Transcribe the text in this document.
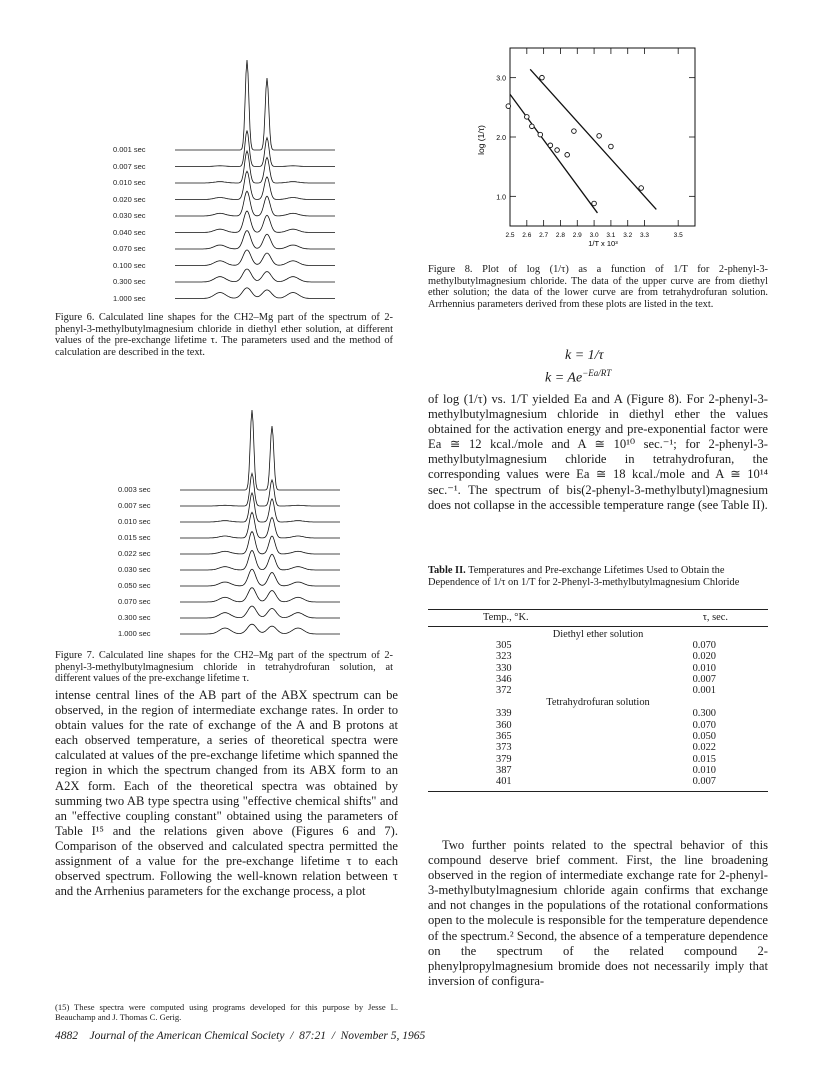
0.001 sec
0.007 sec
0.010 sec
0.020 sec
0.030 sec
0.040 sec
0.070 sec
0.100 sec
0.300 sec
1.000 sec
Figure 6. Calculated line shapes for the CH2–Mg part of the spectrum of 2-phenyl-3-methylbutylmagnesium chloride in diethyl ether solution, at different values of the pre-exchange lifetime τ. The parameters used and the method of calculation are described in the text.
0.003 sec
0.007 sec
0.010 sec
0.015 sec
0.022 sec
0.030 sec
0.050 sec
0.070 sec
0.300 sec
1.000 sec
Figure 7. Calculated line shapes for the CH2–Mg part of the spectrum of 2-phenyl-3-methylbutylmagnesium chloride in tetrahydrofuran solution, at different values of the pre-exchange lifetime τ.
intense central lines of the AB part of the ABX spectrum can be observed, in the region of intermediate exchange rates. In order to obtain values for the rate of exchange of the A and B protons at each observed temperature, a series of theoretical spectra were calculated at values of the pre-exchange lifetime which spanned the region in which the spectrum changed from its ABX form to an A2X form. Each of the theoretical spectra was obtained by summing two AB type spectra using "effective chemical shifts" and an "effective coupling constant" obtained using the parameters of Table I¹⁵ and the relations given above (Figures 6 and 7). Comparison of the observed and calculated spectra permitted the assignment of a value for the pre-exchange lifetime τ to each observed spectrum. Following the well-known relation between τ and the Arrhenius parameters for the exchange process, a plot
(15) These spectra were computed using programs developed for this purpose by Jesse L. Beauchamp and J. Thomas C. Gerig.
log (1/τ)
1/T x 10³
2.5 2.6 2.7 2.8 2.9 3.0 3.1 3.2 3.3	3.5
1.0
2.0
3.0
Figure 8. Plot of log (1/τ) as a function of 1/T for 2-phenyl-3-methylbutylmagnesium chloride. The data of the upper curve are from diethyl ether solution; the data of the lower curve are from tetrahydrofuran solution. Arrhennius parameters derived from these plots are listed in the text.
k = 1/τ
$k = Ae^{-Ea/RT}$
of log (1/τ) vs. 1/T yielded Ea and A (Figure 8). For 2-phenyl-3-methylbutylmagnesium chloride in diethyl ether the values obtained for the activation energy and pre-exponential factor were Ea ≅ 12 kcal./mole and A ≅ 10¹⁰ sec.⁻¹; for 2-phenyl-3-methylbutylmagnesium chloride in tetrahydrofuran, the corresponding values were Ea ≅ 18 kcal./mole and A ≅ 10¹⁴ sec.⁻¹. The spectrum of bis(2-phenyl-3-methylbutyl)magnesium does not collapse in the accessible temperature range (see Table II).
Table II. Temperatures and Pre-exchange Lifetimes Used to Obtain the Dependence of 1/τ on 1/T for 2-Phenyl-3-methylbutylmagnesium Chloride
Temp., °K.	τ, sec.
Diethyl ether solution
305	0.070
323	0.020
330	0.010
346	0.007
372	0.001
Tetrahydrofuran solution
339	0.300
360	0.070
365	0.050
373	0.022
379	0.015
387	0.010
401	0.007
Two further points related to the spectral behavior of this compound deserve brief comment. First, the line broadening observed in the region of intermediate exchange rate for 2-phenyl-3-methylbutylmagnesium chloride again confirms that exchange and not changes in the populations of the rotational conformations open to the molecule is responsible for the temperature dependence of the spectrum.² Second, the absence of a temperature dependence on the spectrum of the related compound 2-phenylpropylmagnesium bromide does not necessarily imply that inversion of configura-
4882    Journal of the American Chemical Society  /  87:21  /  November 5, 1965
